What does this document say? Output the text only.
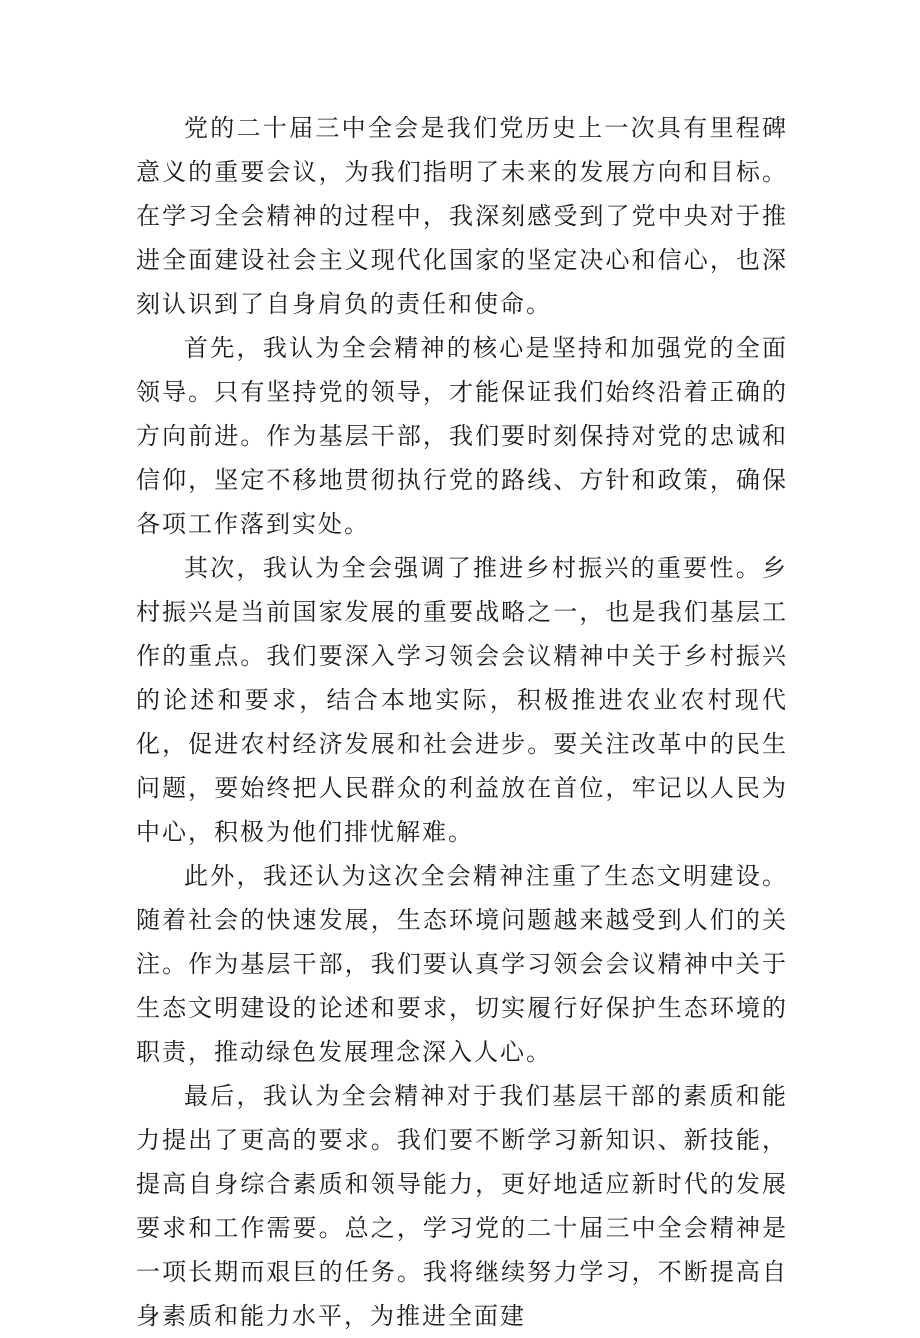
党的二十届三中全会是我们党历史上一次具有里程碑意义的重要会议，为我们指明了未来的发展方向和目标。在学习全会精神的过程中，我深刻感受到了党中央对于推进全面建设社会主义现代化国家的坚定决心和信心，也深刻认识到了自身肩负的责任和使命。

首先，我认为全会精神的核心是坚持和加强党的全面领导。只有坚持党的领导，才能保证我们始终沿着正确的方向前进。作为基层干部，我们要时刻保持对党的忠诚和信仰，坚定不移地贯彻执行党的路线、方针和政策，确保各项工作落到实处。

其次，我认为全会强调了推进乡村振兴的重要性。乡村振兴是当前国家发展的重要战略之一，也是我们基层工作的重点。我们要深入学习领会会议精神中关于乡村振兴的论述和要求，结合本地实际，积极推进农业农村现代化，促进农村经济发展和社会进步。要关注改革中的民生问题，要始终把人民群众的利益放在首位，牢记以人民为中心，积极为他们排忧解难。

此外，我还认为这次全会精神注重了生态文明建设。随着社会的快速发展，生态环境问题越来越受到人们的关注。作为基层干部，我们要认真学习领会会议精神中关于生态文明建设的论述和要求，切实履行好保护生态环境的职责，推动绿色发展理念深入人心。

最后，我认为全会精神对于我们基层干部的素质和能力提出了更高的要求。我们要不断学习新知识、新技能，提高自身综合素质和领导能力，更好地适应新时代的发展要求和工作需要。总之，学习党的二十届三中全会精神是一项长期而艰巨的任务。我将继续努力学习，不断提高自身素质和能力水平，为推进全面建
